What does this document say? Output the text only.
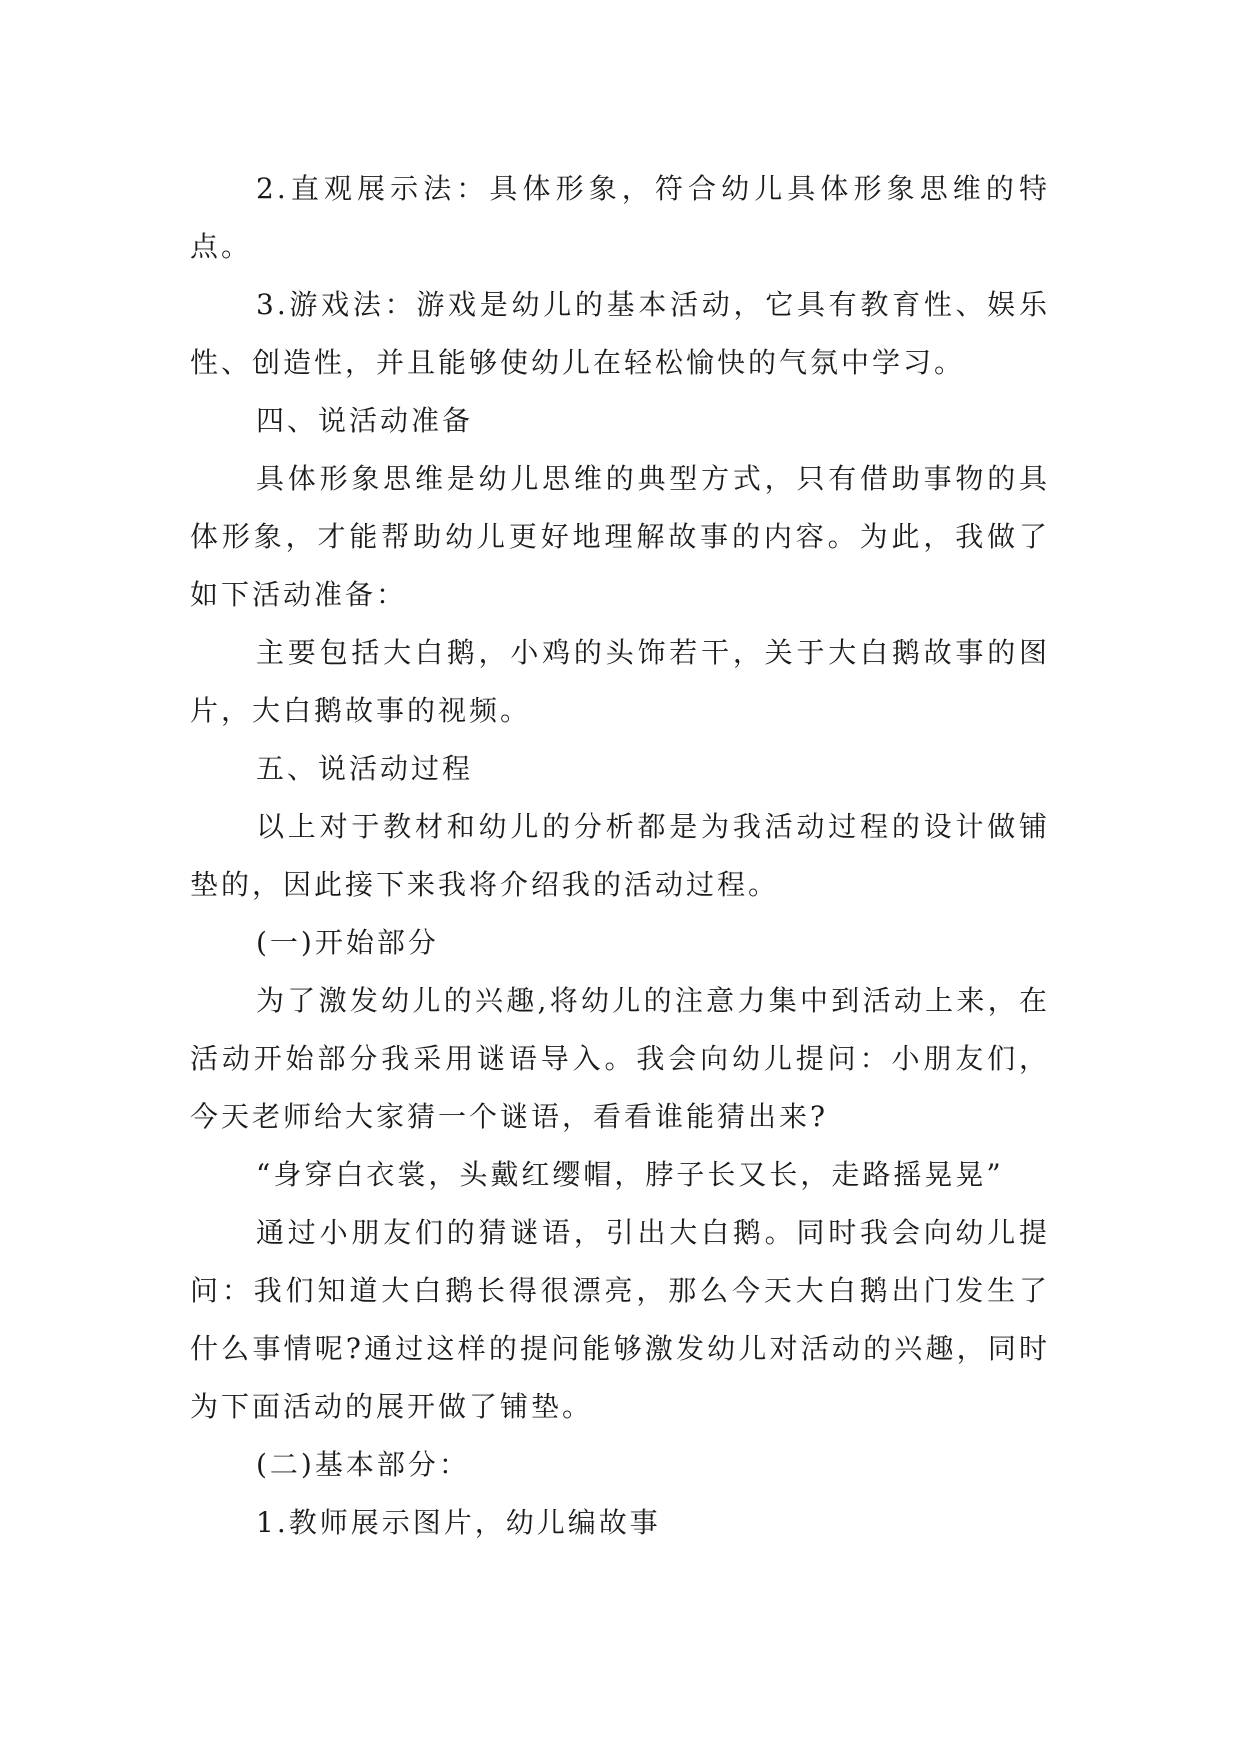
2.直观展示法：具体形象，符合幼儿具体形象思维的特点。

3.游戏法：游戏是幼儿的基本活动，它具有教育性、娱乐性、创造性，并且能够使幼儿在轻松愉快的气氛中学习。

四、说活动准备

具体形象思维是幼儿思维的典型方式，只有借助事物的具体形象，才能帮助幼儿更好地理解故事的内容。为此，我做了如下活动准备：

主要包括大白鹅，小鸡的头饰若干，关于大白鹅故事的图片，大白鹅故事的视频。

五、说活动过程

以上对于教材和幼儿的分析都是为我活动过程的设计做铺垫的，因此接下来我将介绍我的活动过程。

(一)开始部分

为了激发幼儿的兴趣,将幼儿的注意力集中到活动上来，在活动开始部分我采用谜语导入。我会向幼儿提问：小朋友们，今天老师给大家猜一个谜语，看看谁能猜出来?

“身穿白衣裳，头戴红缨帽，脖子长又长，走路摇晃晃”

通过小朋友们的猜谜语，引出大白鹅。同时我会向幼儿提问：我们知道大白鹅长得很漂亮，那么今天大白鹅出门发生了什么事情呢?通过这样的提问能够激发幼儿对活动的兴趣，同时为下面活动的展开做了铺垫。

(二)基本部分：

1.教师展示图片，幼儿编故事
